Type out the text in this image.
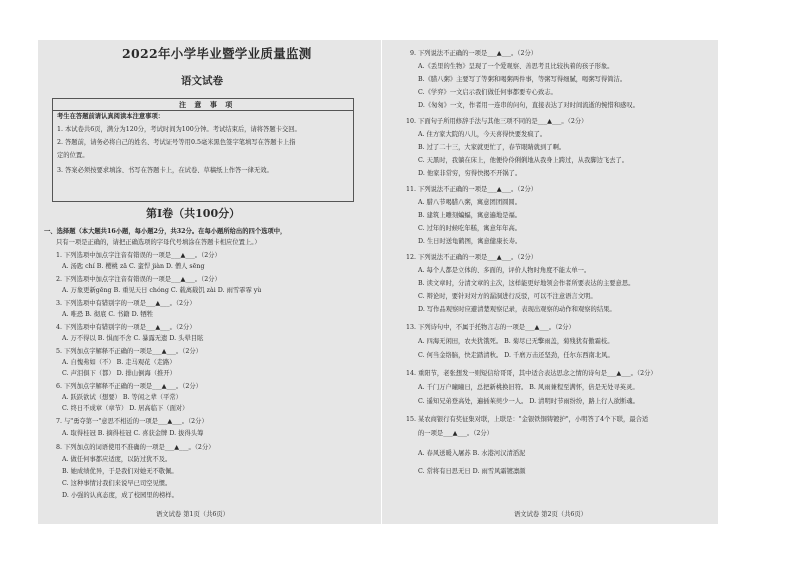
2022年小学毕业暨学业质量监测
语文试卷
注 意 事 项
考生在答题前请认真阅读本注意事项：
1. 本试卷共6页，满分为120分，考试时间为100分钟。考试结束后，请将答题卡交回。
2. 答题前，请务必将自己的姓名、考试证号等用0.5毫米黑色签字笔填写在答题卡上指
定的位置。
3. 答案必须按要求填涂、书写在答题卡上，在试卷、草稿纸上作答一律无效。
第Ⅰ卷（共100分）
一、选择题（本大题共16小题，每小题2分，共32分。在每小题所给出的四个选项中，
只有一项是正确的，请把正确选项的字母代号填涂在答题卡相应位置上。）
1. 下列选项中加点字注音有错误的一项是___▲___。（2分）
A. 汤匙 chí B. 樱桃 zā C. 蛮悍 jiàn D. 僧人 sēng
2. 下列选项中加点字注音有错误的一项是___▲___。（2分）
A. 万象更新gēng B. 重见天日 chóng C. 载离载饥 zài D. 雨雪霏霏 yù
3. 下列选项中有错别字的一项是___▲___。（2分）
A. 唯恐 B. 彻底 C. 书籍 D. 牺牲
4. 下列选项中有错别字的一项是___▲___。（2分）
A. 万不得以 B. 惧而不舍 C. 暴露无遗 D. 头晕目眩
5. 下列加点字解释不正确的一项是___▲___。（2分）
A. 自愧弗如（不） B. 走马观花（走路）
C. 声泪俱下（都） D. 排山倒海（推开）
6. 下列加点字解释不正确的一项是___▲___。（2分）
A. 跃跃欲试（想要） B. 等闲之辈（平常）
C. 终日不成章（章节） D. 居高临下（面对）
7. 与"勇夺第一"意思不相近的一项是___▲___。（2分）
A. 取得桂冠 B. 摘得桂冠 C. 喜获金牌 D. 拔得头筹
8. 下列加点的词语使用不准确的一项是___▲___。（2分）
A. 做任何事都应适度，以防过犹不及。
B. 她成绩优异，于是我们对她无不敬佩。
C. 这种事情讨我们来说早已司空见惯。
D. 小强的认真态度，成了校园里的榜样。
语文试卷 第1页（共6页）
9. 下列说法不正确的一项是___▲___。（2分）
A.《丢里的生物》呈现了一个爱观察、善思考且比较执着的孩子形象。
B.《腊八粥》主要写了等粥和喝粥两件事，等粥写得细腻，喝粥写得简洁。
C.《学弈》一文启示我们做任何事都要专心致志。
D.《匆匆》一文，作者用一连串的问句，直接表达了对时间流逝的惋惜和感叹。
10. 下面句子所用修辞手法与其他三项不同的是___▲___。（2分）
A. 住方家大院的八儿，今天喜得快要发疯了。
B. 过了二十三，大家就更忙了，春节眼睛就到了啊。
C. 天黑时，我躺在床上，他便伶伶俐俐地从我身上跨过，从我脚边飞去了。
D. 他家非常穷，穷得快揭不开锅了。
11. 下列说法不正确的一项是___▲___。（2分）
A. 腊八节喝腊八粥，寓意团团圆圆。
B. 建筑上雕刻蝙蝠，寓意遍地是福。
C. 过年的时候吃年糕，寓意年年高。
D. 生日时送龟鹤图，寓意健康长寿。
12. 下列说法不正确的一项是___▲___。（2分）
A. 每个人都是立体的、多面的，评价人物时角度不能太单一。
B. 读文章时，分清文章的主次，这样能更好地领会作者所要表达的主要意思。
C. 辩论时，要针对对方的漏洞进行反驳，可以不注意语言文明。
D. 写作品观察时应避清楚观察记录，表现出观察的动作和观察的结果。
13. 下列诗句中，不属于托物言志的一项是___▲___。（2分）
A. 四海无闲田，农夫犹饿死。 B. 菊尽已无擎雨盖，菊残犹有傲霜枝。
C. 何当金络脑，快走踏清秋。 D. 千磨万击还坚劲，任尔东西南北风。
14. 重阳节，老张想发一则短信给哥哥，其中适合表达思念之情的诗句是___▲___。（2分）
A. 千门万户曈曈日，总把新桃换旧符。 B. 风雨兼程至满怀，倍是无处寻英灵。
C. 遥知兄弟登高处，遍插茱萸少一人。 D. 清明时节雨纷纷，路上行人欲断魂。
15. 某农商银行有奖征集对联，上联是："金银铁铜铸镀护"，小明答了4个下联，最合适
的一项是___▲___。（2分）
A. 春风送暖入屠苏 B. 水港河汉清滔泥
C. 常将有日思无日 D. 雨雪风霜镀凛颜
语文试卷 第2页（共6页）
